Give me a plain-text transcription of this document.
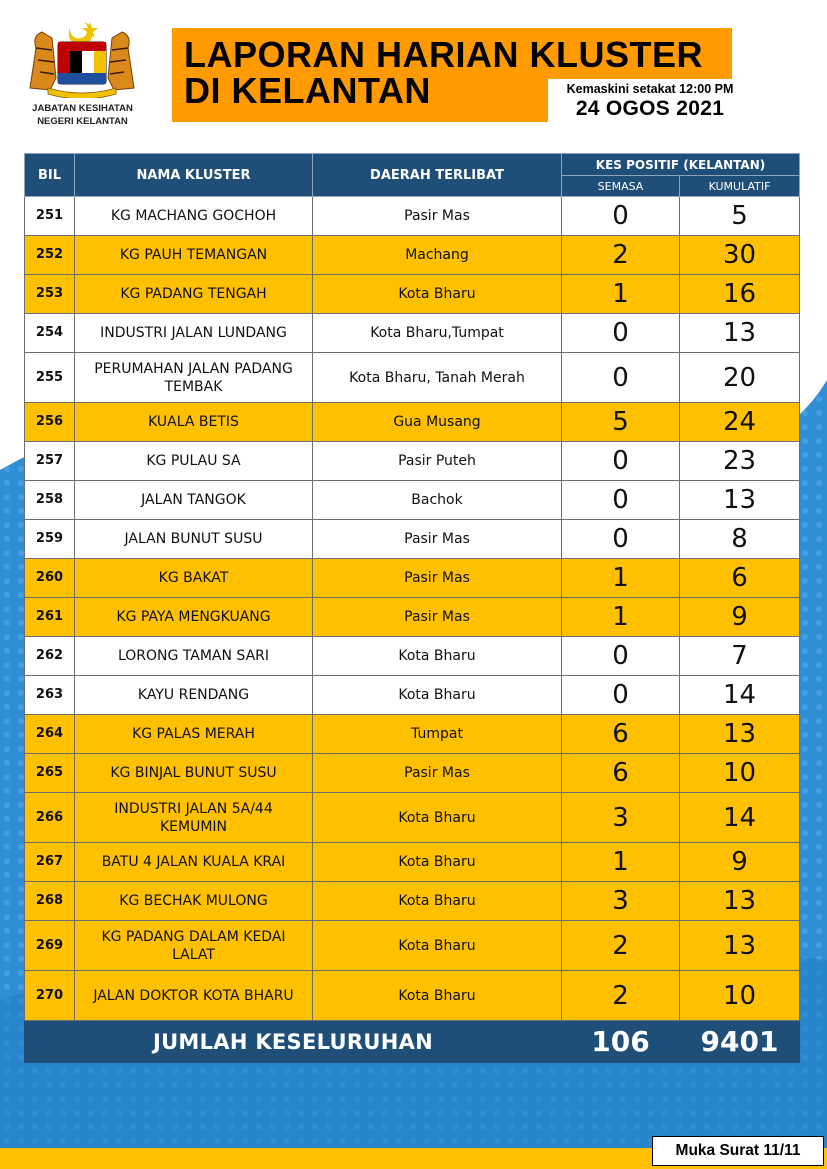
JABATAN KESIHATAN
NEGERI KELANTAN
LAPORAN HARIAN KLUSTER
DI KELANTAN	Kemaskini setakat 12:00 PM
24 OGOS 2021
BIL	NAMA KLUSTER	DAERAH TERLIBAT	KES POSITIF (KELANTAN)	
			SEMASA	KUMULATIF
251	KG MACHANG GOCHOH	Pasir Mas	0	5
252	KG PAUH TEMANGAN	Machang	2	30
253	KG PADANG TENGAH	Kota Bharu	1	16
254	INDUSTRI JALAN LUNDANG	Kota Bharu,Tumpat	0	13
255	PERUMAHAN JALAN PADANG TEMBAK	Kota Bharu, Tanah Merah	0	20
256	KUALA BETIS	Gua Musang	5	24
257	KG PULAU SA	Pasir Puteh	0	23
258	JALAN TANGOK	Bachok	0	13
259	JALAN BUNUT SUSU	Pasir Mas	0	8
260	KG BAKAT	Pasir Mas	1	6
261	KG PAYA MENGKUANG	Pasir Mas	1	9
262	LORONG TAMAN SARI	Kota Bharu	0	7
263	KAYU RENDANG	Kota Bharu	0	14
264	KG PALAS MERAH	Tumpat	6	13
265	KG BINJAL BUNUT SUSU	Pasir Mas	6	10
266	INDUSTRI JALAN 5A/44 KEMUMIN	Kota Bharu	3	14
267	BATU 4 JALAN KUALA KRAI	Kota Bharu	1	9
268	KG BECHAK MULONG	Kota Bharu	3	13
269	KG PADANG DALAM KEDAI LALAT	Kota Bharu	2	13
270	JALAN DOKTOR KOTA BHARU	Kota Bharu	2	10
JUMLAH KESELURUHAN			106	9401
Muka Surat 11/11
